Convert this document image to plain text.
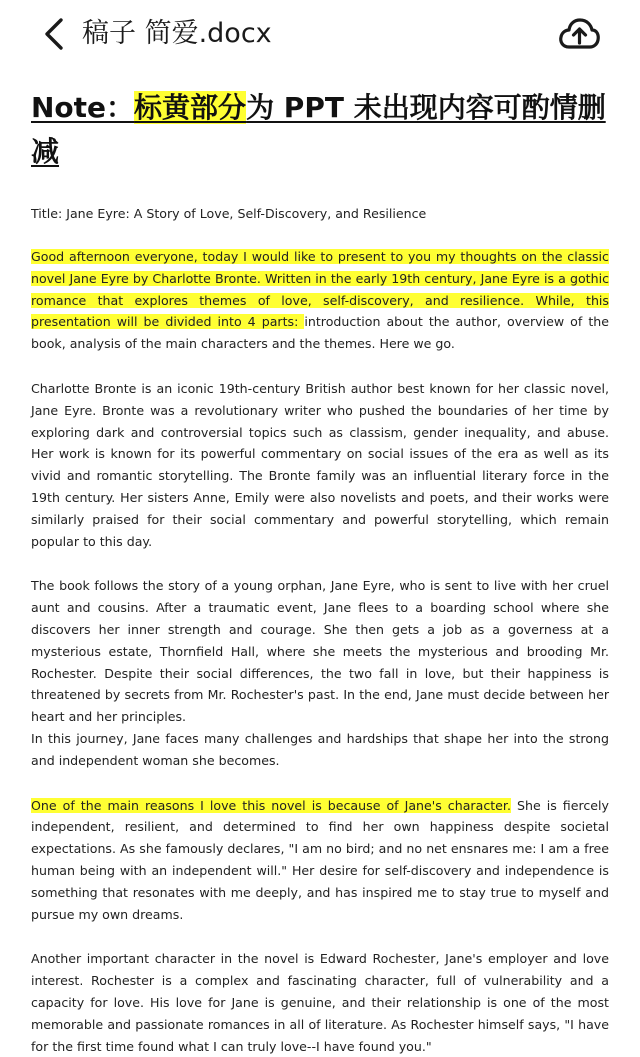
稿子 简爱.docx
Note：标黄部分为 PPT 未出现内容可酌情删减

Title: Jane Eyre: A Story of Love, Self-Discovery, and Resilience

Good afternoon everyone, today I would like to present to you my thoughts on the classic novel Jane Eyre by Charlotte Bronte. Written in the early 19th century, Jane Eyre is a gothic romance that explores themes of love, self-discovery, and resilience. While, this presentation will be divided into 4 parts: introduction about the author, overview of the book, analysis of the main characters and the themes. Here we go.

Charlotte Bronte is an iconic 19th-century British author best known for her classic novel, Jane Eyre. Bronte was a revolutionary writer who pushed the boundaries of her time by exploring dark and controversial topics such as classism, gender inequality, and abuse. Her work is known for its powerful commentary on social issues of the era as well as its vivid and romantic storytelling. The Bronte family was an influential literary force in the 19th century. Her sisters Anne, Emily were also novelists and poets, and their works were similarly praised for their social commentary and powerful storytelling, which remain popular to this day.

The book follows the story of a young orphan, Jane Eyre, who is sent to live with her cruel aunt and cousins. After a traumatic event, Jane flees to a boarding school where she discovers her inner strength and courage. She then gets a job as a governess at a mysterious estate, Thornfield Hall, where she meets the mysterious and brooding Mr. Rochester. Despite their social differences, the two fall in love, but their happiness is threatened by secrets from Mr. Rochester's past. In the end, Jane must decide between her heart and her principles.

In this journey, Jane faces many challenges and hardships that shape her into the strong and independent woman she becomes.

One of the main reasons I love this novel is because of Jane's character. She is fiercely independent, resilient, and determined to find her own happiness despite societal expectations. As she famously declares, "I am no bird; and no net ensnares me: I am a free human being with an independent will." Her desire for self-discovery and independence is something that resonates with me deeply, and has inspired me to stay true to myself and pursue my own dreams.

Another important character in the novel is Edward Rochester, Jane's employer and love interest. Rochester is a complex and fascinating character, full of vulnerability and a capacity for love. His love for Jane is genuine, and their relationship is one of the most memorable and passionate romances in all of literature. As Rochester himself says, "I have for the first time found what I can truly love--I have found you."
